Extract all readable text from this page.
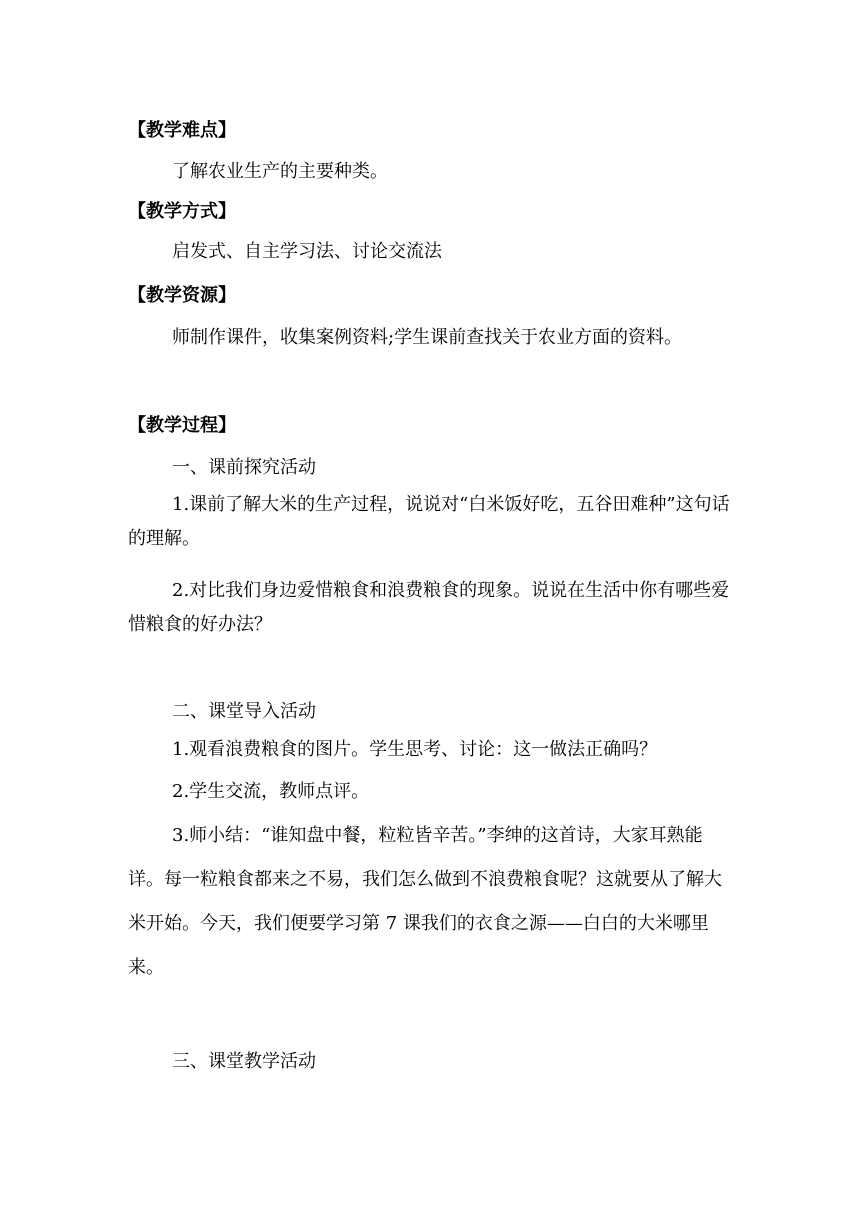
【教学难点】
了解农业生产的主要种类。
【教学方式】
启发式、自主学习法、讨论交流法
【教学资源】
师制作课件，收集案例资料;学生课前查找关于农业方面的资料。
【教学过程】
一、课前探究活动
1.课前了解大米的生产过程，说说对“白米饭好吃，五谷田难种”这句话的理解。
2.对比我们身边爱惜粮食和浪费粮食的现象。说说在生活中你有哪些爱惜粮食的好办法？
二、课堂导入活动
1.观看浪费粮食的图片。学生思考、讨论：这一做法正确吗？
2.学生交流，教师点评。
3.师小结：“谁知盘中餐，粒粒皆辛苦。”李绅的这首诗，大家耳熟能详。每一粒粮食都来之不易，我们怎么做到不浪费粮食呢？这就要从了解大米开始。今天，我们便要学习第 7 课我们的衣食之源——白白的大米哪里来。
三、课堂教学活动
